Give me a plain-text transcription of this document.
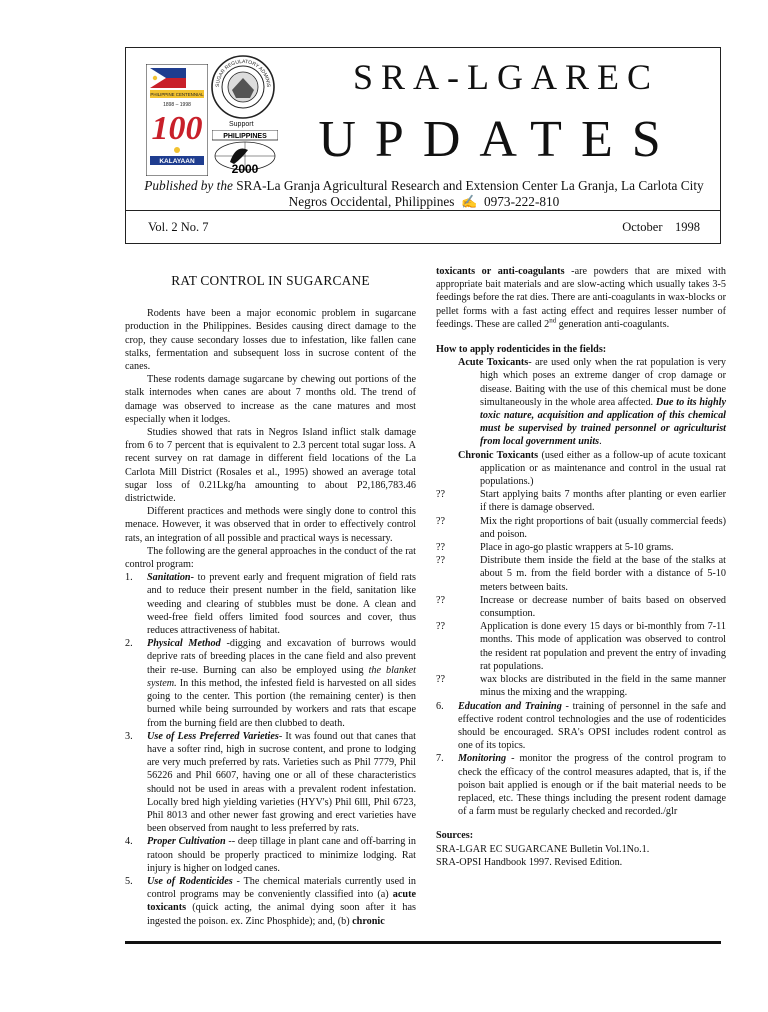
PHILIPPINE CENTENNIAL
1898 – 1998
100
KALAYAAN
SUGAR REGULATORY ADMINIS
Support
PHILIPPINES
2000
SRA-LGAREC
UPDATES
Published by the SRA-La Granja Agricultural Research and Extension Center La Granja, La Carlota City
Negros Occidental, Philippines ✍ 0973-222-810
Vol. 2 No. 7	October    1998
RAT CONTROL IN SUGARCANE

Rodents have been a major economic problem in sugarcane production in the Philippines. Besides causing direct damage to the crop, they cause secondary losses due to infestation, like fallen cane stalks, fermentation and subsequent loss in sucrose content of the canes.

These rodents damage sugarcane by chewing out portions of the stalk internodes when canes are about 7 months old. The trend of damage was observed to increase as the cane matures and most especially when it lodges.

Studies showed that rats in Negros Island inflict stalk damage from 6 to 7 percent that is equivalent to 2.3 percent total sugar loss. A recent survey on rat damage in different field locations of the La Carlota Mill District (Rosales et al., 1995) showed an average total sugar loss of 0.21Lkg/ha amounting to about P2,186,783.46 districtwide.

Different practices and methods were singly done to control this menace. However, it was observed that in order to effectively control rats, an integration of all possible and practical ways is necessary.

The following are the general approaches in the conduct of the rat control program:

1. Sanitation- to prevent early and frequent migration of field rats and to reduce their present number in the field, sanitation like weeding and clearing of stubbles must be done. A clean and weed-free field offers limited food sources and cover, thus reduces attractiveness of habitat.
2. Physical Method -digging and excavation of burrows would deprive rats of breeding places in the cane field and also prevent their re-use. Burning can also be employed using the blanket system. In this method, the infested field is harvested on all sides going to the center. This portion (the remaining center) is then burned while being surrounded by workers and rats that escape from the burning field are then clubbed to death.
3. Use of Less Preferred Varieties- It was found out that canes that have a softer rind, high in sucrose content, and prone to lodging are very much preferred by rats. Varieties such as Phil 7779, Phil 56226 and Phil 6607, having one or all of these characteristics should not be used in areas with a prevalent rodent infestation. Locally bred high yielding varieties (HYV's) Phil 6lll, Phil 6723, Phil 8013 and other newer fast growing and erect varieties have been observed from naught to less preferred by rats.
4. Proper Cultivation -- deep tillage in plant cane and off-barring in ratoon should be properly practiced to minimize lodging. Rat injury is higher on lodged canes.
5. Use of Rodenticides - The chemical materials currently used in control programs may be conveniently classified into (a) acute toxicants (quick acting, the animal dying soon after it has ingested the poison. ex. Zinc Phosphide); and, (b) chronic

toxicants or anti-coagulants -are powders that are mixed with appropriate bait materials and are slow-acting which usually takes 3-5 feedings before the rat dies. There are anti-coagulants in wax-blocks or pellet forms with a fast acting effect and requires lesser number of feedings. These are called 2nd generation anti-coagulants.

How to apply rodenticides in the fields:

Acute Toxicants- are used only when the rat population is very high which poses an extreme danger of crop damage or disease. Baiting with the use of this chemical must be done simultaneously in the whole area affected. Due to its highly toxic nature, acquisition and application of this chemical must be supervised by trained personnel or agriculturist from local government units.

Chronic Toxicants (used either as a follow-up of acute toxicant application or as maintenance and control in the usual rat populations.)

??	Start applying baits 7 months after planting or even earlier if there is damage observed.
??	Mix the right proportions of bait (usually commercial feeds) and poison.
??	Place in ago-go plastic wrappers at 5-10 grams.
??	Distribute them inside the field at the base of the stalks at about 5 m. from the field border with a distance of 5-10 meters between baits.
??	Increase or decrease number of baits based on observed consumption.
??	Application is done every 15 days or bi-monthly from 7-11 months. This mode of application was observed to control the resident rat population and prevent the entry of invading rat populations.
??	wax blocks are distributed in the field in the same manner minus the mixing and the wrapping.
6. Education and Training - training of personnel in the safe and effective rodent control technologies and the use of rodenticides should be encouraged. SRA's OPSI includes rodent control as one of its topics.
7. Monitoring - monitor the progress of the control program to check the efficacy of the control measures adapted, that is, if the poison bait applied is enough or if the bait material needs to be replaced, etc. These things including the present rodent damage of a farm must be regularly checked and recorded./glr
Sources:
SRA-LGAR EC SUGARCANE Bulletin Vol.1No.1.
SRA-OPSI Handbook 1997. Revised Edition.
